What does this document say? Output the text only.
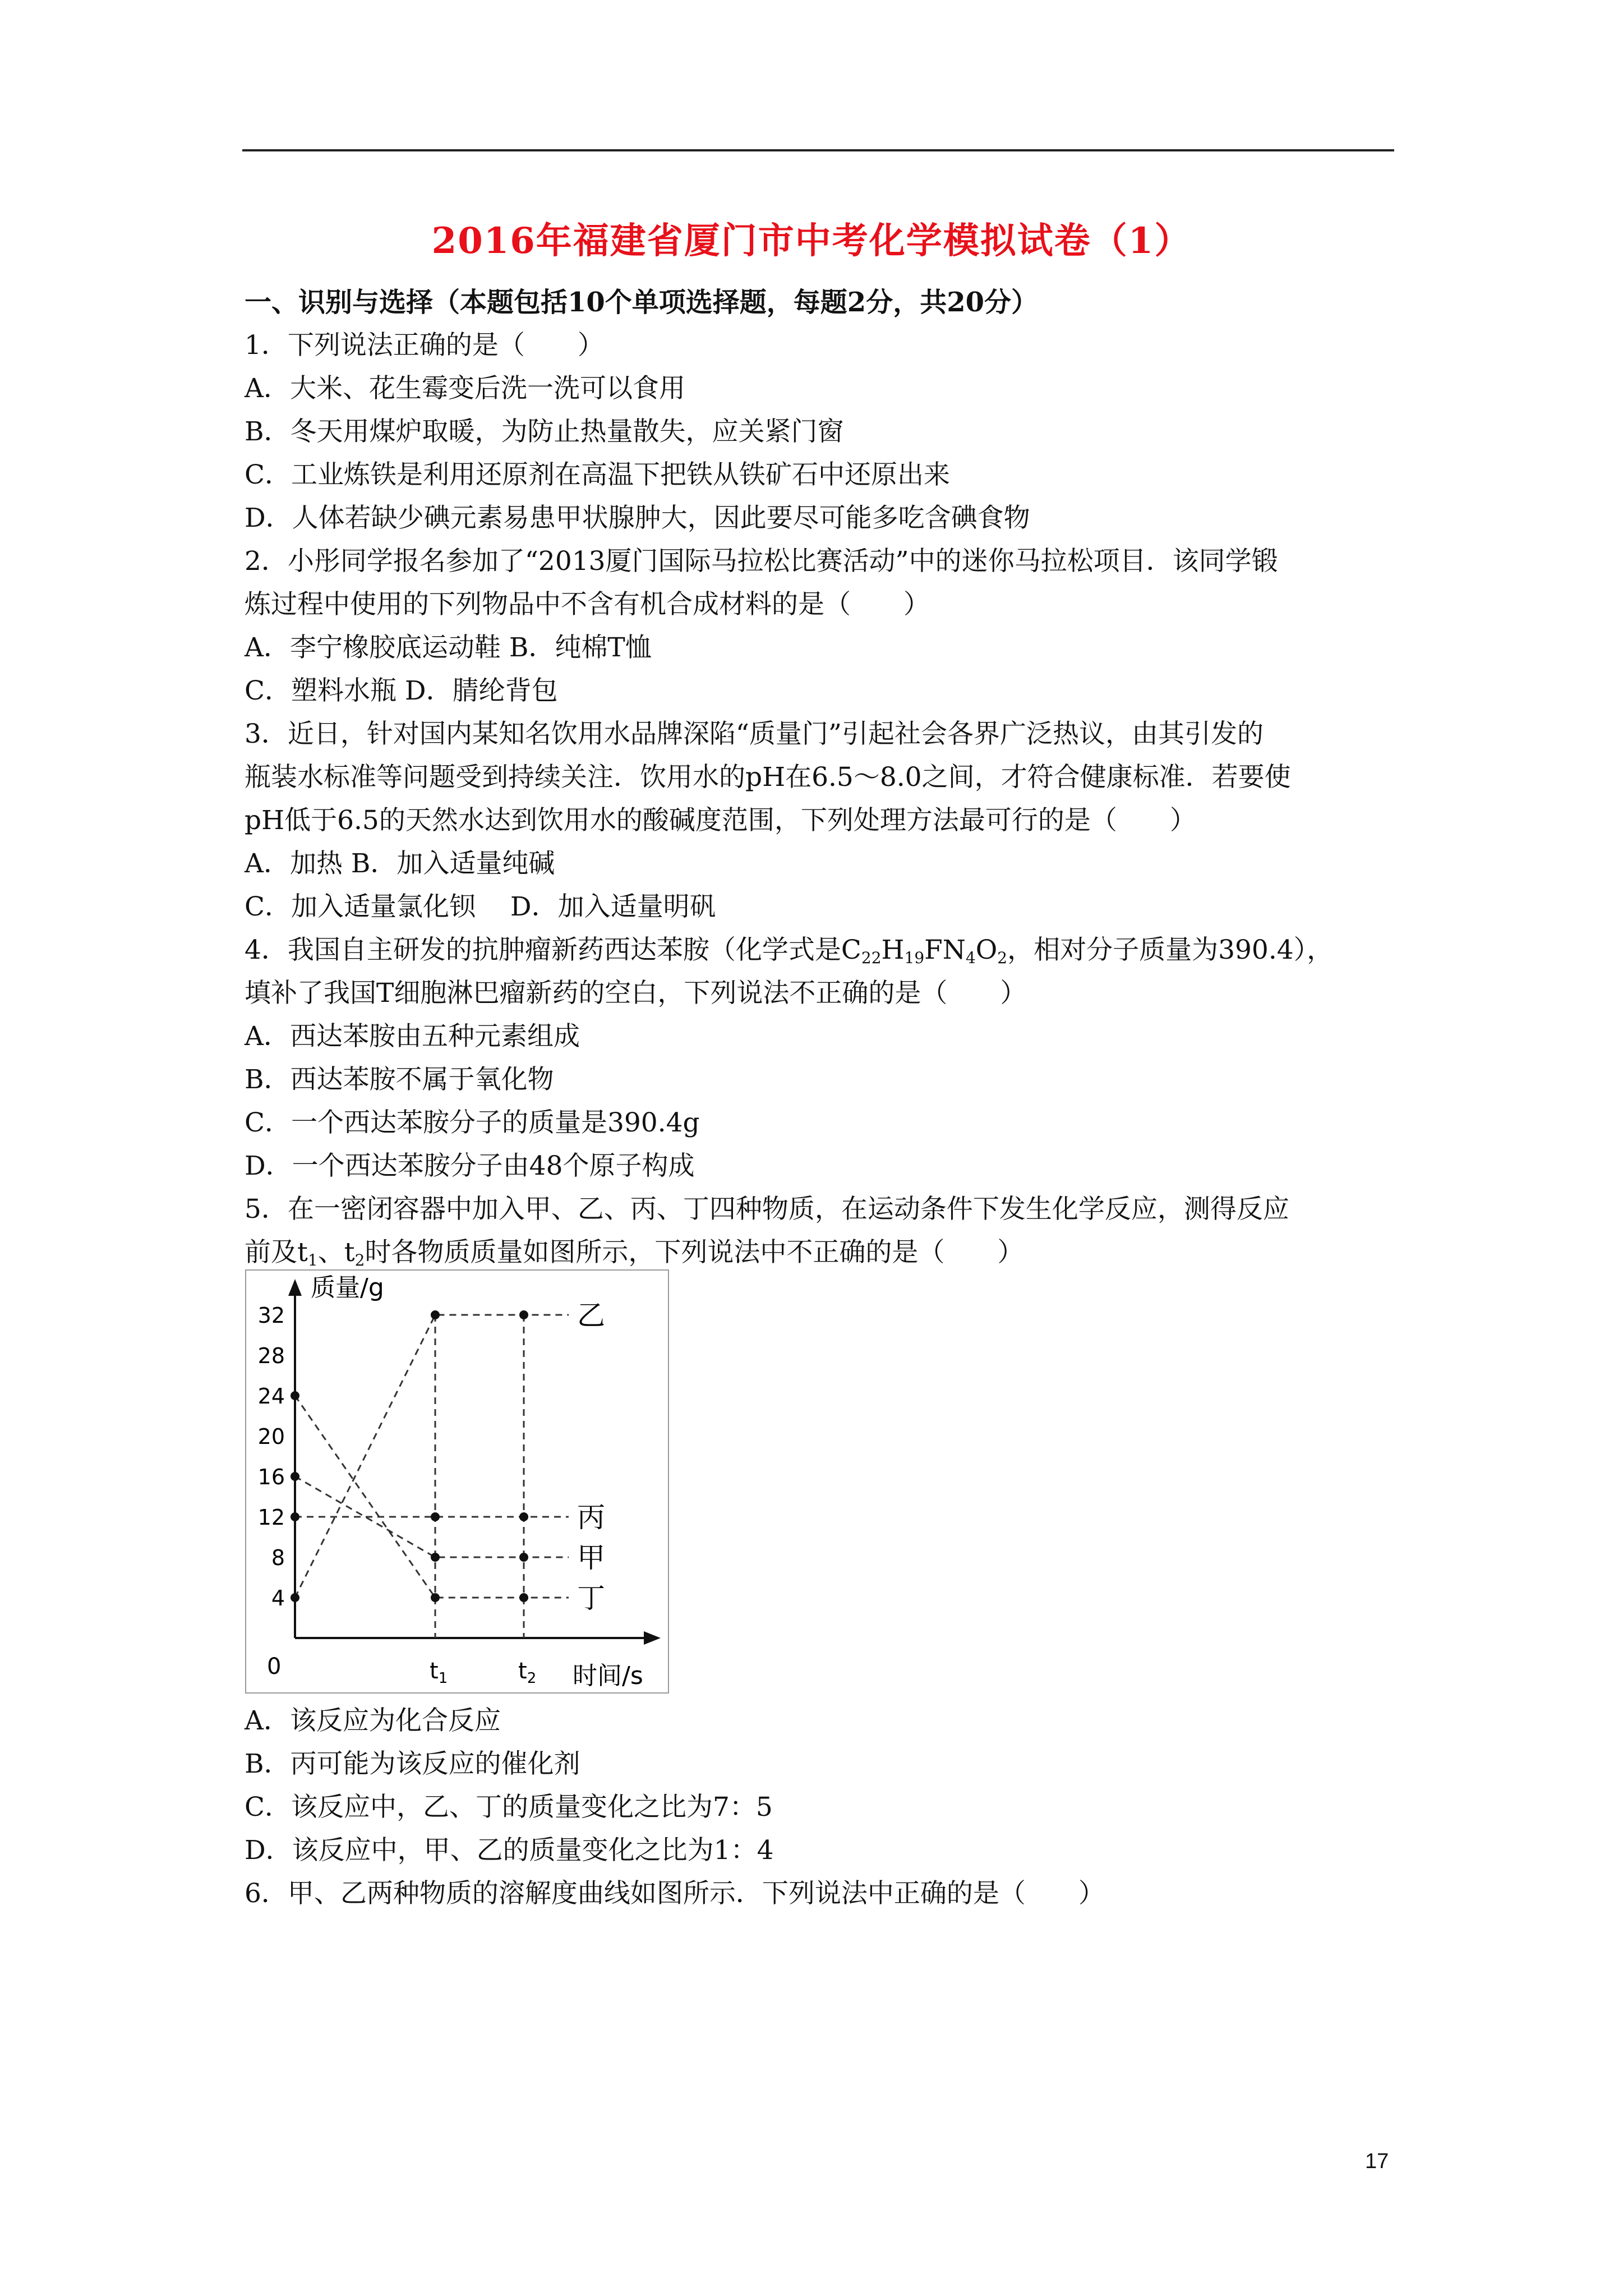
2016年福建省厦门市中考化学模拟试卷（1）
一、识别与选择（本题包括10个单项选择题，每题2分，共20分）
1．下列说法正确的是（　　）
A．大米、花生霉变后洗一洗可以食用
B．冬天用煤炉取暖，为防止热量散失，应关紧门窗
C．工业炼铁是利用还原剂在高温下把铁从铁矿石中还原出来
D．人体若缺少碘元素易患甲状腺肿大，因此要尽可能多吃含碘食物
2．小彤同学报名参加了“2013厦门国际马拉松比赛活动”中的迷你马拉松项目．该同学锻
炼过程中使用的下列物品中不含有机合成材料的是（　　）
A．李宁橡胶底运动鞋 B．纯棉T恤
C．塑料水瓶 D．腈纶背包
3．近日，针对国内某知名饮用水品牌深陷“质量门”引起社会各界广泛热议，由其引发的
瓶装水标准等问题受到持续关注．饮用水的pH在6.5～8.0之间，才符合健康标准．若要使
pH低于6.5的天然水达到饮用水的酸碱度范围，下列处理方法最可行的是（　　）
A．加热 B．加入适量纯碱
C．加入适量氯化钡　 D．加入适量明矾
4．我国自主研发的抗肿瘤新药西达苯胺（化学式是$C_{22}H_{19}FN_4O_2$，相对分子质量为390.4），
填补了我国T细胞淋巴瘤新药的空白，下列说法不正确的是（　　）
A．西达苯胺由五种元素组成
B．西达苯胺不属于氧化物
C．一个西达苯胺分子的质量是390.4g
D．一个西达苯胺分子由48个原子构成
5．在一密闭容器中加入甲、乙、丙、丁四种物质，在运动条件下发生化学反应，测得反应
前及$t_1$、$t_2$时各物质质量如图所示，下列说法中不正确的是（　　）
质量/g
时间/s
0
4
8
12
16
20
24
28
32
$t_1$	$t_2$
乙
丙
甲
丁
A．该反应为化合反应
B．丙可能为该反应的催化剂
C．该反应中，乙、丁的质量变化之比为7：5
D．该反应中，甲、乙的质量变化之比为1：4
6．甲、乙两种物质的溶解度曲线如图所示．下列说法中正确的是（　　）
17
